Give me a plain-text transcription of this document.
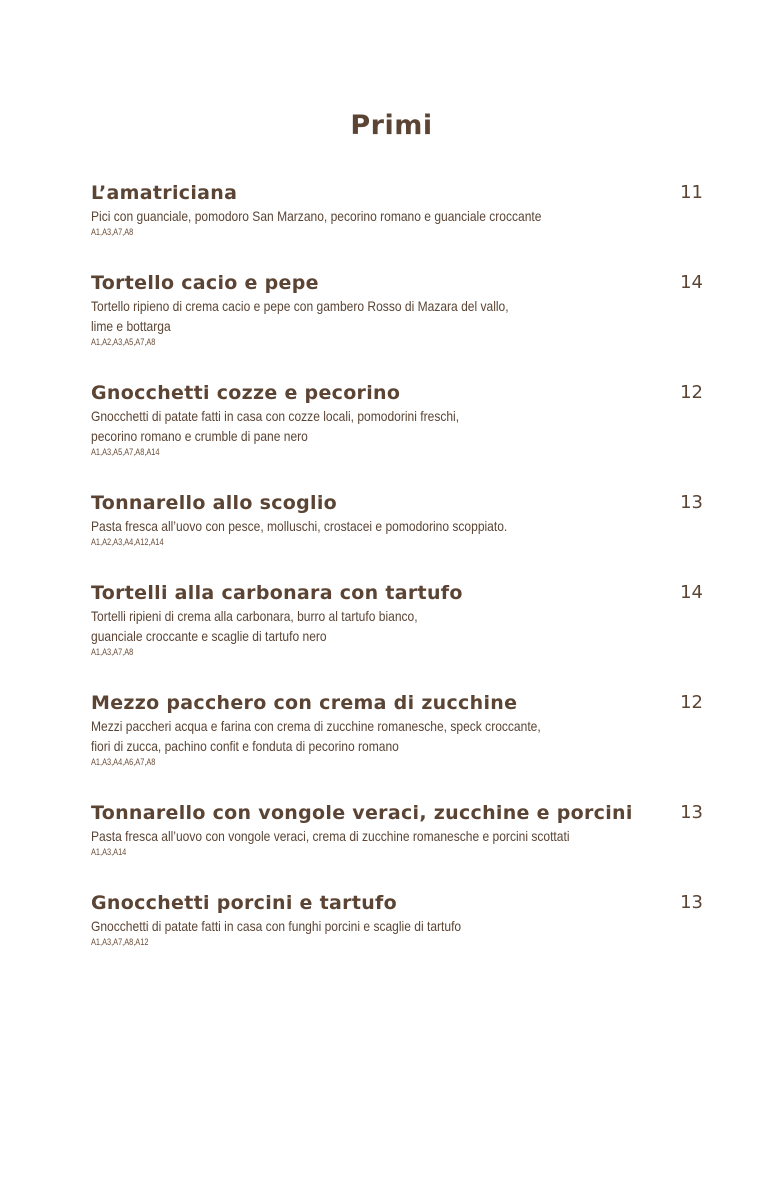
Primi
L’amatriciana	11
Pici con guanciale, pomodoro San Marzano, pecorino romano e guanciale croccante
A1,A3,A7,A8
Tortello cacio e pepe	14
Tortello ripieno di crema cacio e pepe con gambero Rosso di Mazara del vallo,
lime e bottarga
A1,A2,A3,A5,A7,A8
Gnocchetti cozze e pecorino	12
Gnocchetti di patate fatti in casa con cozze locali, pomodorini freschi,
pecorino romano e crumble di pane nero
A1,A3,A5,A7,A8,A14
Tonnarello allo scoglio	13
Pasta fresca all’uovo con pesce, molluschi, crostacei e pomodorino scoppiato.
A1,A2,A3,A4,A12,A14
Tortelli alla carbonara con tartufo	14
Tortelli ripieni di crema alla carbonara, burro al tartufo bianco,
guanciale croccante e scaglie di tartufo nero
A1,A3,A7,A8
Mezzo pacchero con crema di zucchine	12
Mezzi paccheri acqua e farina con crema di zucchine romanesche, speck croccante,
fiori di zucca, pachino confit e fonduta di pecorino romano
A1,A3,A4,A6,A7,A8
Tonnarello con vongole veraci, zucchine e porcini	13
Pasta fresca all’uovo con vongole veraci, crema di zucchine romanesche e porcini scottati
A1,A3,A14
Gnocchetti porcini e tartufo	13
Gnocchetti di patate fatti in casa con funghi porcini e scaglie di tartufo
A1,A3,A7,A8,A12
